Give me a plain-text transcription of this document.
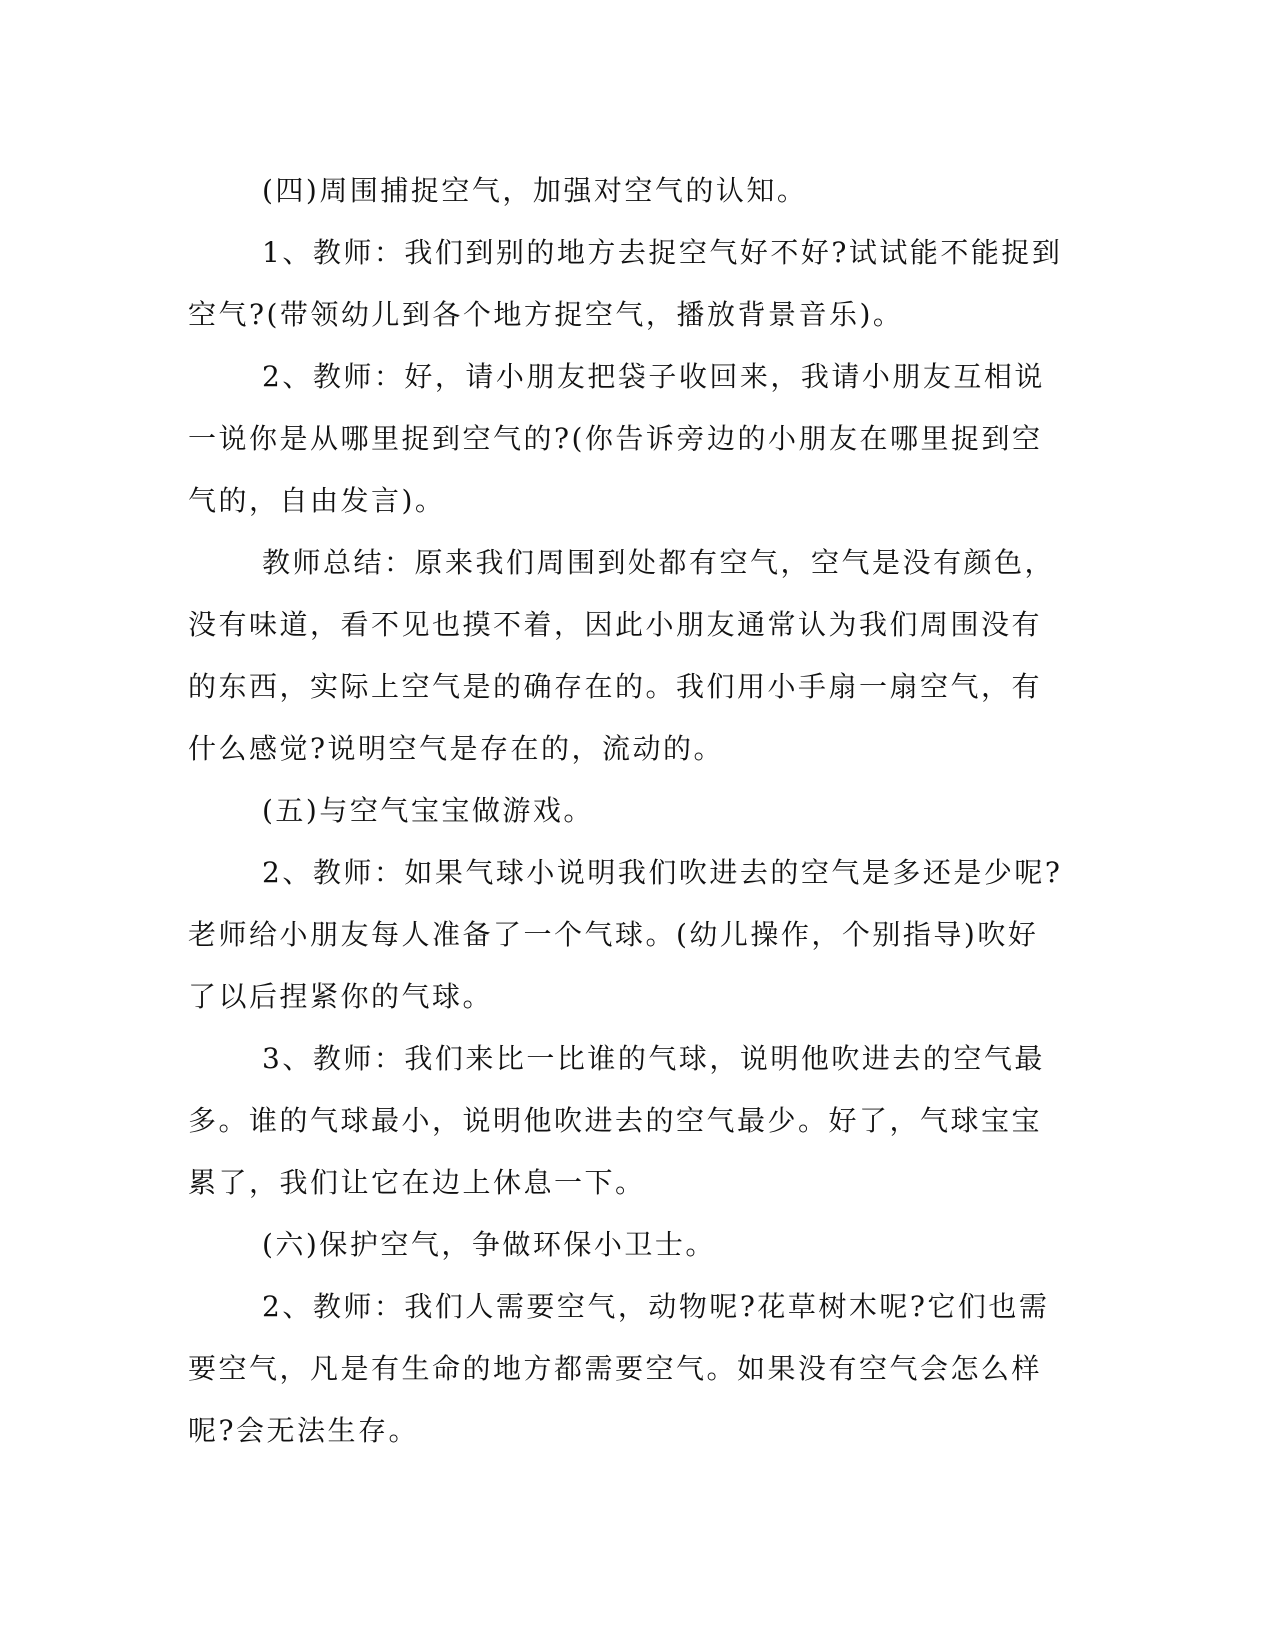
(四)周围捕捉空气，加强对空气的认知。

1、教师：我们到别的地方去捉空气好不好?试试能不能捉到空气?(带领幼儿到各个地方捉空气，播放背景音乐)。

2、教师：好，请小朋友把袋子收回来，我请小朋友互相说一说你是从哪里捉到空气的?(你告诉旁边的小朋友在哪里捉到空气的，自由发言)。

教师总结：原来我们周围到处都有空气，空气是没有颜色，没有味道，看不见也摸不着，因此小朋友通常认为我们周围没有的东西，实际上空气是的确存在的。我们用小手扇一扇空气，有什么感觉?说明空气是存在的，流动的。

(五)与空气宝宝做游戏。

2、教师：如果气球小说明我们吹进去的空气是多还是少呢?老师给小朋友每人准备了一个气球。(幼儿操作，个别指导)吹好了以后捏紧你的气球。

3、教师：我们来比一比谁的气球，说明他吹进去的空气最多。谁的气球最小，说明他吹进去的空气最少。好了，气球宝宝累了，我们让它在边上休息一下。

(六)保护空气，争做环保小卫士。

2、教师：我们人需要空气，动物呢?花草树木呢?它们也需要空气，凡是有生命的地方都需要空气。如果没有空气会怎么样呢?会无法生存。
